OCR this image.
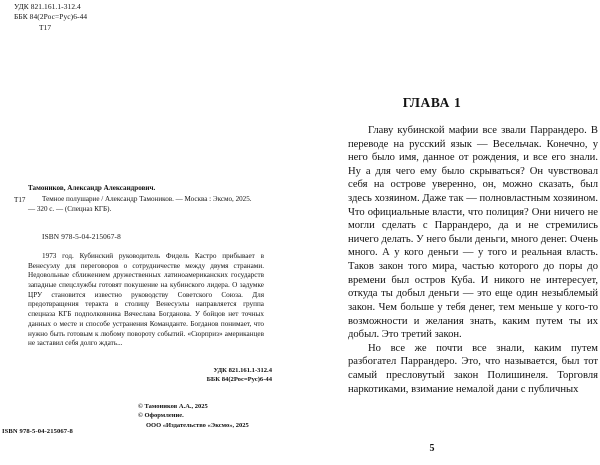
УДК 821.161.1-312.4
ББК 84(2Рос=Рус)6-44
Т17
Т17
Тамоников, Александр Александрович.
Темное полушарие / Александр Тамоников. — Москва : Эксмо, 2025. — 320 с. — (Спецназ КГБ).
ISBN 978-5-04-215067-8
1973 год. Кубинский руководитель Фидель Кастро прибывает в Венесуэлу для переговоров о сотрудничестве между двумя странами. Недовольные сближением дружественных латиноамериканских государств западные спецслужбы готовят покушение на кубинского лидера. О задумке ЦРУ становится известно руководству Советского Союза. Для предотвращения теракта в столицу Венесуэлы направляется группа спецназа КГБ подполковника Вячеслава Богданова. У бойцов нет точных данных о месте и способе устранения Команданте. Богданов понимает, что нужно быть готовым к любому повороту событий. «Сюрприз» американцев не заставил себя долго ждать...
УДК 821.161.1-312.4
ББК 84(2Рос=Рус)6-44
© Тамоников А.А., 2025
© Оформление.
ООО «Издательство «Эксмо», 2025
ISBN 978-5-04-215067-8
ГЛАВА 1

Главу кубинской мафии все звали Паррандеро. В переводе на русский язык — Весельчак. Конечно, у него было имя, данное от рождения, и все его знали. Ну а для чего ему было скрываться? Он чувствовал себя на острове уверенно, он, можно сказать, был здесь хозяином. Даже так — полновластным хозяином. Что официальные власти, что полиция? Они ничего не могли сделать с Паррандеро, да и не стремились ничего делать. У него были деньги, много денег. Очень много. А у кого деньги — у того и реальная власть. Таков закон того мира, частью которого до поры до времени был остров Куба. И никого не интересует, откуда ты добыл деньги — это еще один незыблемый закон. Чем больше у тебя денег, тем меньше у кого-то возможности и желания знать, каким путем ты их добыл. Это третий закон.

Но все же почти все знали, каким путем разбогател Паррандеро. Это, что называется, был тот самый пресловутый закон Полишинеля. Торговля наркотиками, взимание немалой дани с публичных

5
